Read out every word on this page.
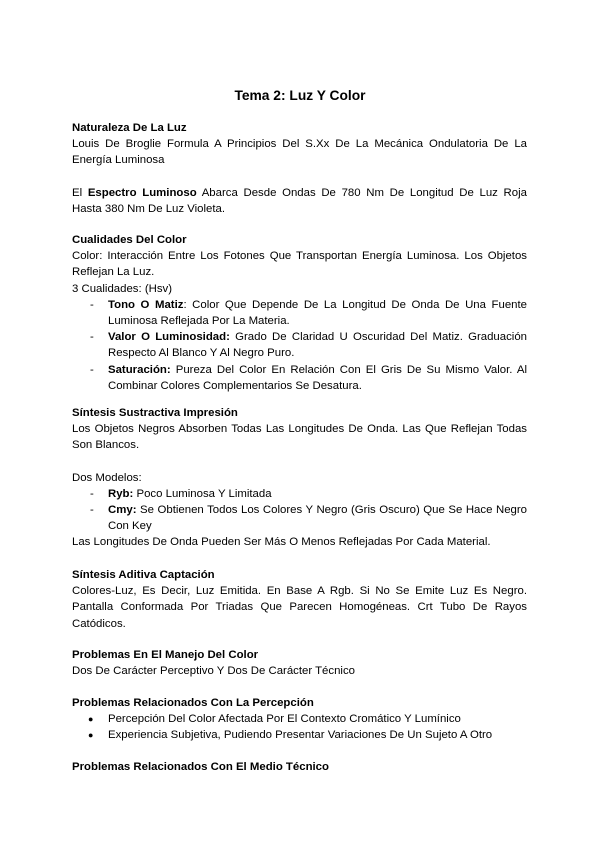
Tema 2: Luz Y Color
Naturaleza De La Luz
Louis De Broglie Formula A Principios Del S.Xx De La Mecánica Ondulatoria De La Energía Luminosa
El Espectro Luminoso Abarca Desde Ondas De 780 Nm De Longitud De Luz Roja Hasta 380 Nm De Luz Violeta.
Cualidades Del Color
Color: Interacción Entre Los Fotones Que Transportan Energía Luminosa. Los Objetos Reflejan La Luz.
3 Cualidades: (Hsv)
- Tono O Matiz: Color Que Depende De La Longitud De Onda De Una Fuente Luminosa Reflejada Por La Materia.
- Valor O Luminosidad: Grado De Claridad U Oscuridad Del Matiz. Graduación Respecto Al Blanco Y Al Negro Puro.
- Saturación: Pureza Del Color En Relación Con El Gris De Su Mismo Valor. Al Combinar Colores Complementarios Se Desatura.
Síntesis Sustractiva Impresión
Los Objetos Negros Absorben Todas Las Longitudes De Onda. Las Que Reflejan Todas Son Blancos.
Dos Modelos:
- Ryb: Poco Luminosa Y Limitada
- Cmy: Se Obtienen Todos Los Colores Y Negro (Gris Oscuro) Que Se Hace Negro Con Key
Las Longitudes De Onda Pueden Ser Más O Menos Reflejadas Por Cada Material.
Síntesis Aditiva Captación
Colores-Luz, Es Decir, Luz Emitida. En Base A Rgb. Si No Se Emite Luz Es Negro. Pantalla Conformada Por Triadas Que Parecen Homogéneas. Crt Tubo De Rayos Catódicos.
Problemas En El Manejo Del Color
Dos De Carácter Perceptivo Y Dos De Carácter Técnico
Problemas Relacionados Con La Percepción
● Percepción Del Color Afectada Por El Contexto Cromático Y Lumínico
● Experiencia Subjetiva, Pudiendo Presentar Variaciones De Un Sujeto A Otro
Problemas Relacionados Con El Medio Técnico
